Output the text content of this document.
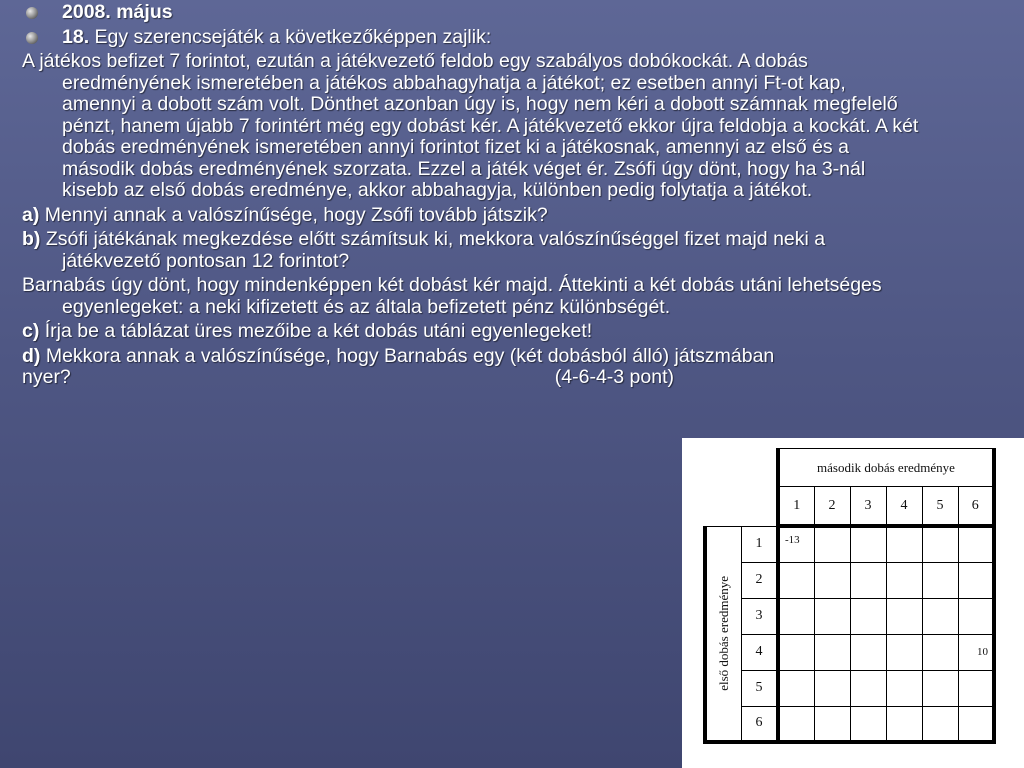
2008. május
18. Egy szerencsejáték a következőképpen zajlik:
A játékos befizet 7 forintot, ezután a játékvezető feldob egy szabályos dobókockát. A dobás eredményének ismeretében a játékos abbahagyhatja a játékot; ez esetben annyi Ft-ot kap, amennyi a dobott szám volt. Dönthet azonban úgy is, hogy nem kéri a dobott számnak megfelelő pénzt, hanem újabb 7 forintért még egy dobást kér. A játékvezető ekkor újra feldobja a kockát. A két dobás eredményének ismeretében annyi forintot fizet ki a játékosnak, amennyi az első és a második dobás eredményének szorzata. Ezzel a játék véget ér. Zsófi úgy dönt, hogy ha 3-nál kisebb az első dobás eredménye, akkor abbahagyja, különben pedig folytatja a játékot.
a) Mennyi annak a valószínűsége, hogy Zsófi tovább játszik?
b) Zsófi játékának megkezdése előtt számítsuk ki, mekkora valószínűséggel fizet majd neki a játékvezető pontosan 12 forintot?
Barnabás úgy dönt, hogy mindenképpen két dobást kér majd. Áttekinti a két dobás utáni lehetséges egyenlegeket: a neki kifizetett és az általa befizetett pénz különbségét.
c) Írja be a táblázat üres mezőibe a két dobás utáni egyenlegeket!
d) Mekkora annak a valószínűsége, hogy Barnabás egy (két dobásból álló) játszmában
nyer?	(4-6-4-3 pont)
		második dobás eredménye					
		1	2	3	4	5	6

első dobás eredménye	1	-13					
	2						
	3						
	4						10
	5						
	6						
